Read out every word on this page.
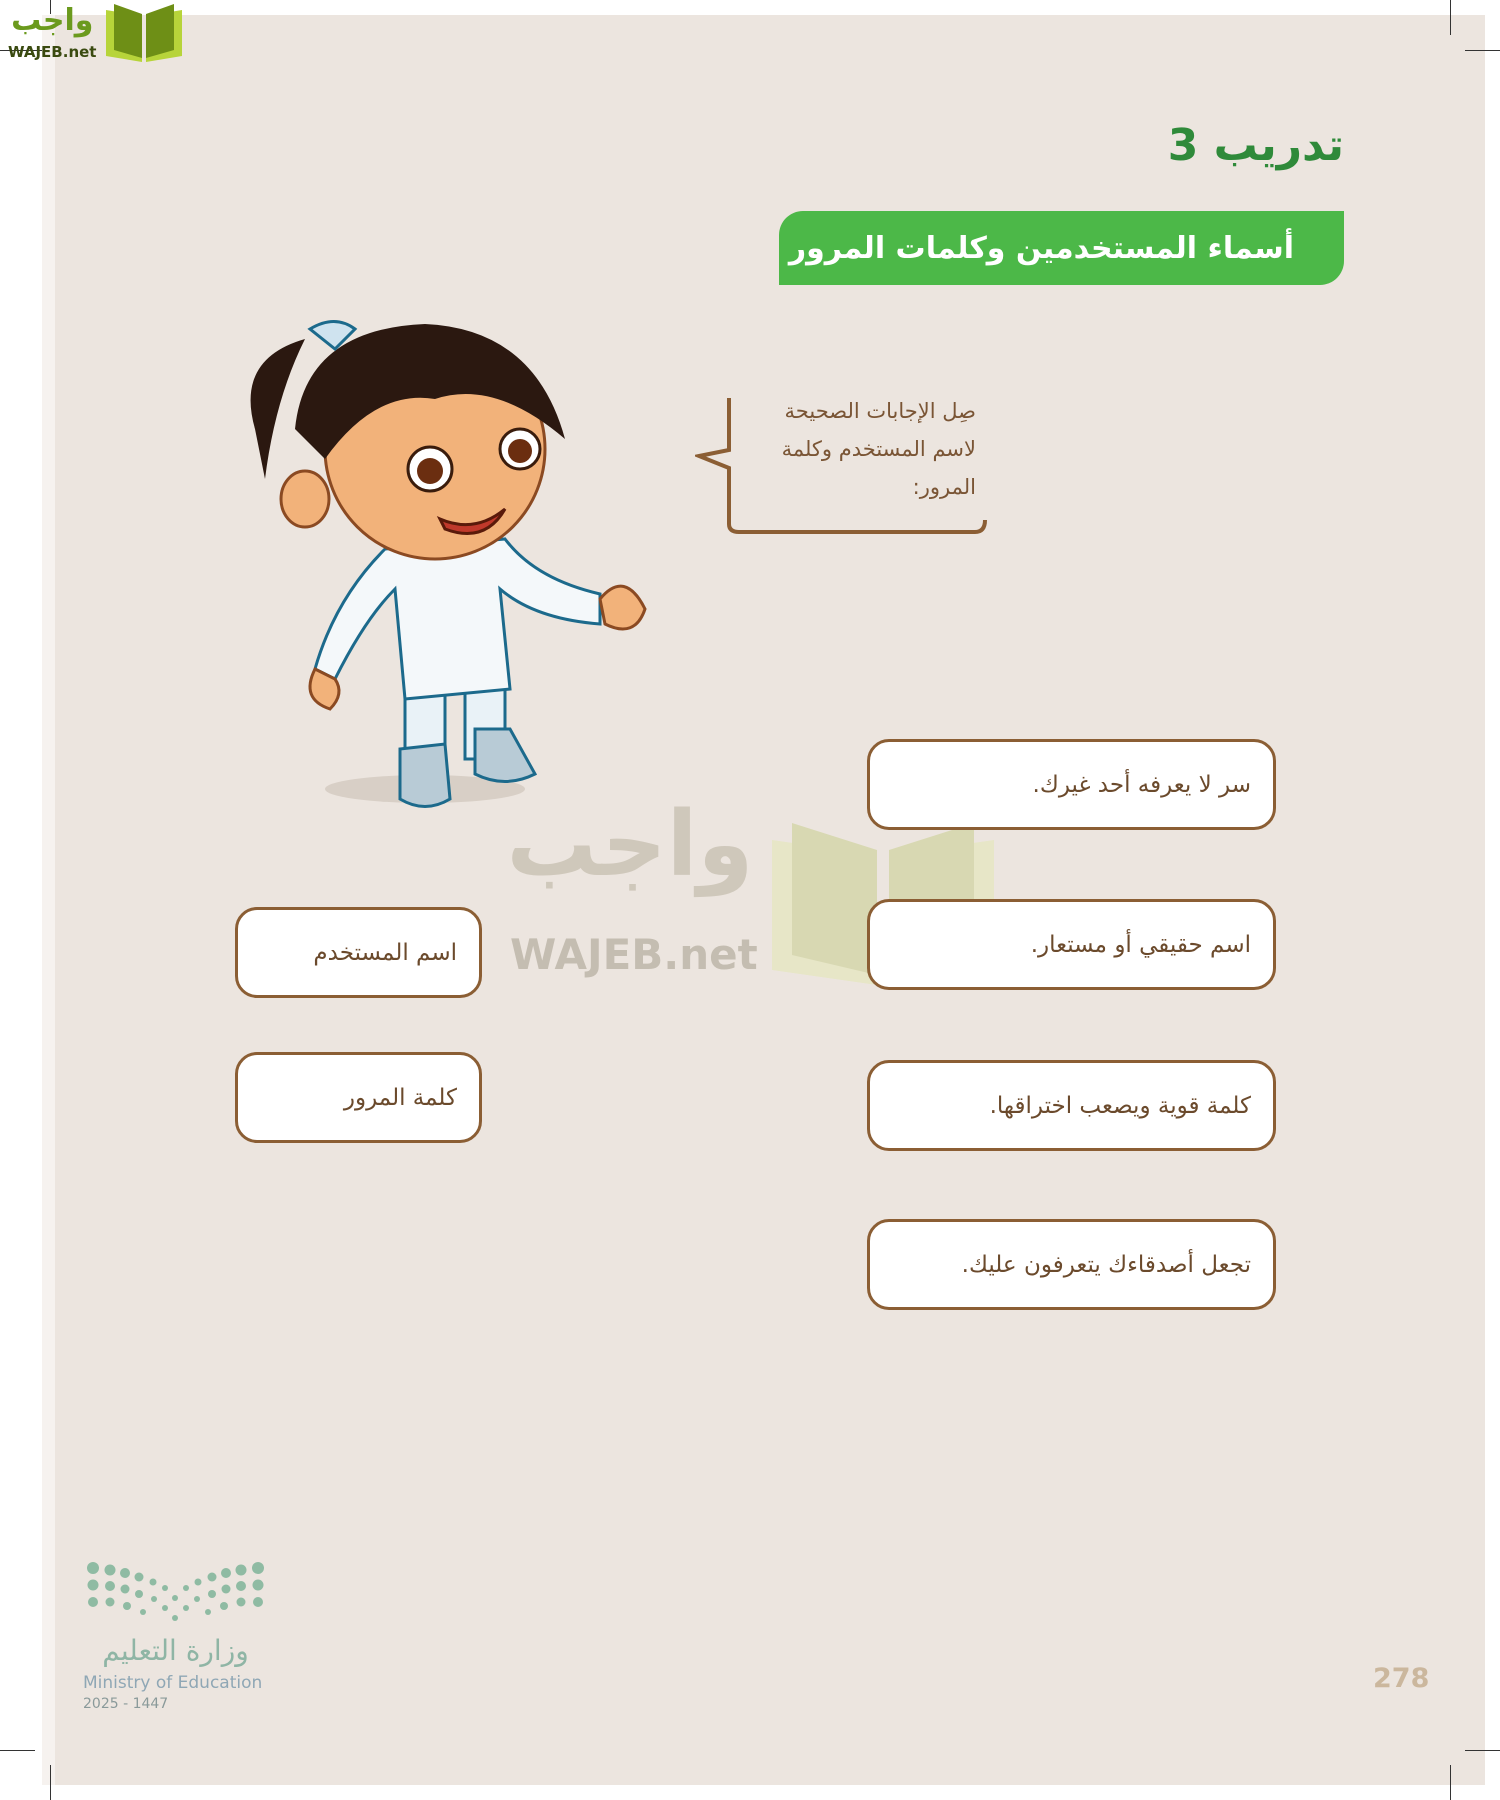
واجب
WAJEB.net
تدريب 3
أسماء المستخدمين وكلمات المرور
صِل الإجابات الصحيحة لاسم المستخدم وكلمة المرور:
واجب
WAJEB.net
سر لا يعرفه أحد غيرك.
اسم حقيقي أو مستعار.
كلمة قوية ويصعب اختراقها.
تجعل أصدقاءك يتعرفون عليك.
اسم المستخدم
كلمة المرور
وزارة التعليم
Ministry of Education
2025 - 1447
278
